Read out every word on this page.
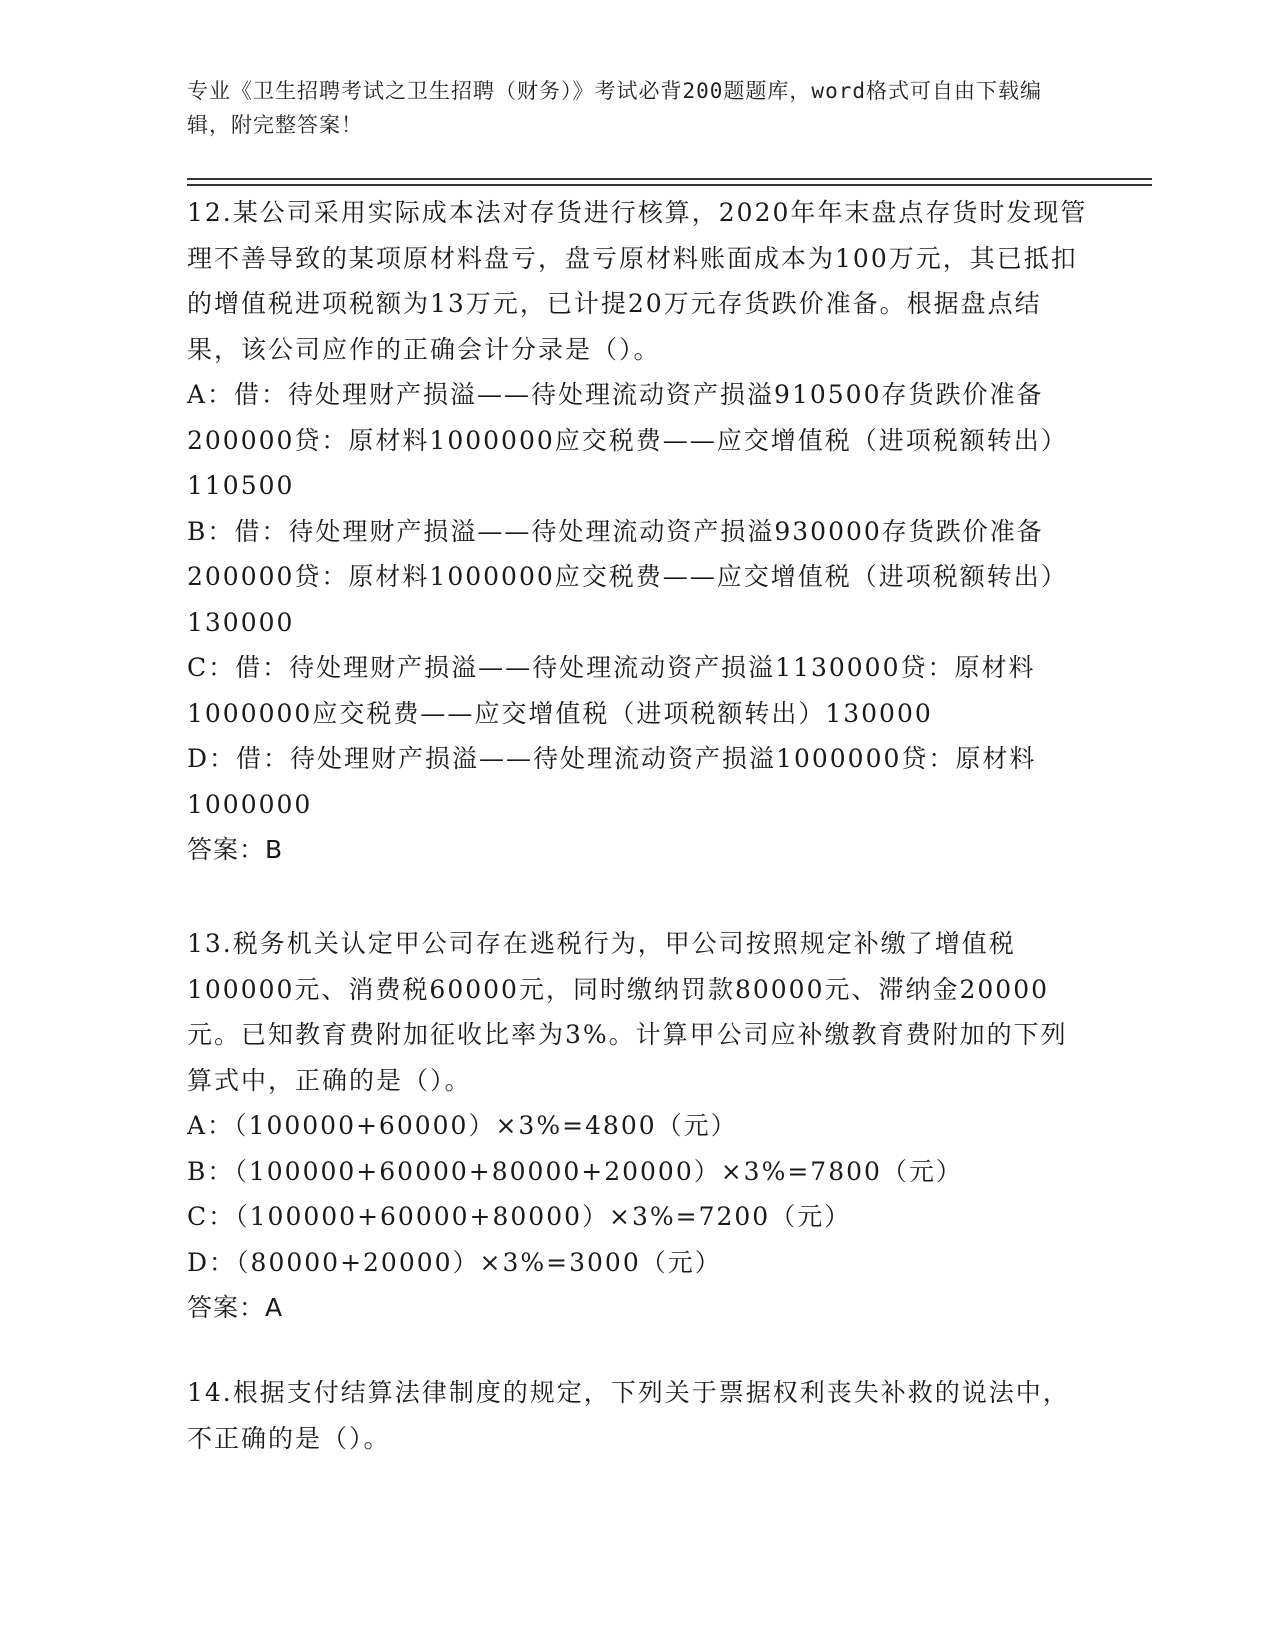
专业《卫生招聘考试之卫生招聘（财务）》考试必背200题题库，word格式可自由下载编辑，附完整答案！

12.某公司采用实际成本法对存货进行核算，2020年年末盘点存货时发现管理不善导致的某项原材料盘亏，盘亏原材料账面成本为100万元，其已抵扣的增值税进项税额为13万元，已计提20万元存货跌价准备。根据盘点结果，该公司应作的正确会计分录是（）。

A：借：待处理财产损溢——待处理流动资产损溢910500存货跌价准备200000贷：原材料1000000应交税费——应交增值税（进项税额转出）110500

B：借：待处理财产损溢——待处理流动资产损溢930000存货跌价准备200000贷：原材料1000000应交税费——应交增值税（进项税额转出）130000

C：借：待处理财产损溢——待处理流动资产损溢1130000贷：原材料1000000应交税费——应交增值税（进项税额转出）130000

D：借：待处理财产损溢——待处理流动资产损溢1000000贷：原材料1000000

答案：B

13.税务机关认定甲公司存在逃税行为，甲公司按照规定补缴了增值税100000元、消费税60000元，同时缴纳罚款80000元、滞纳金20000元。已知教育费附加征收比率为3%。计算甲公司应补缴教育费附加的下列算式中，正确的是（）。

A：（100000+60000）×3%=4800（元）

B：（100000+60000+80000+20000）×3%=7800（元）

C：（100000+60000+80000）×3%=7200（元）

D：（80000+20000）×3%=3000（元）

答案：A

14.根据支付结算法律制度的规定，下列关于票据权利丧失补救的说法中，不正确的是（）。
